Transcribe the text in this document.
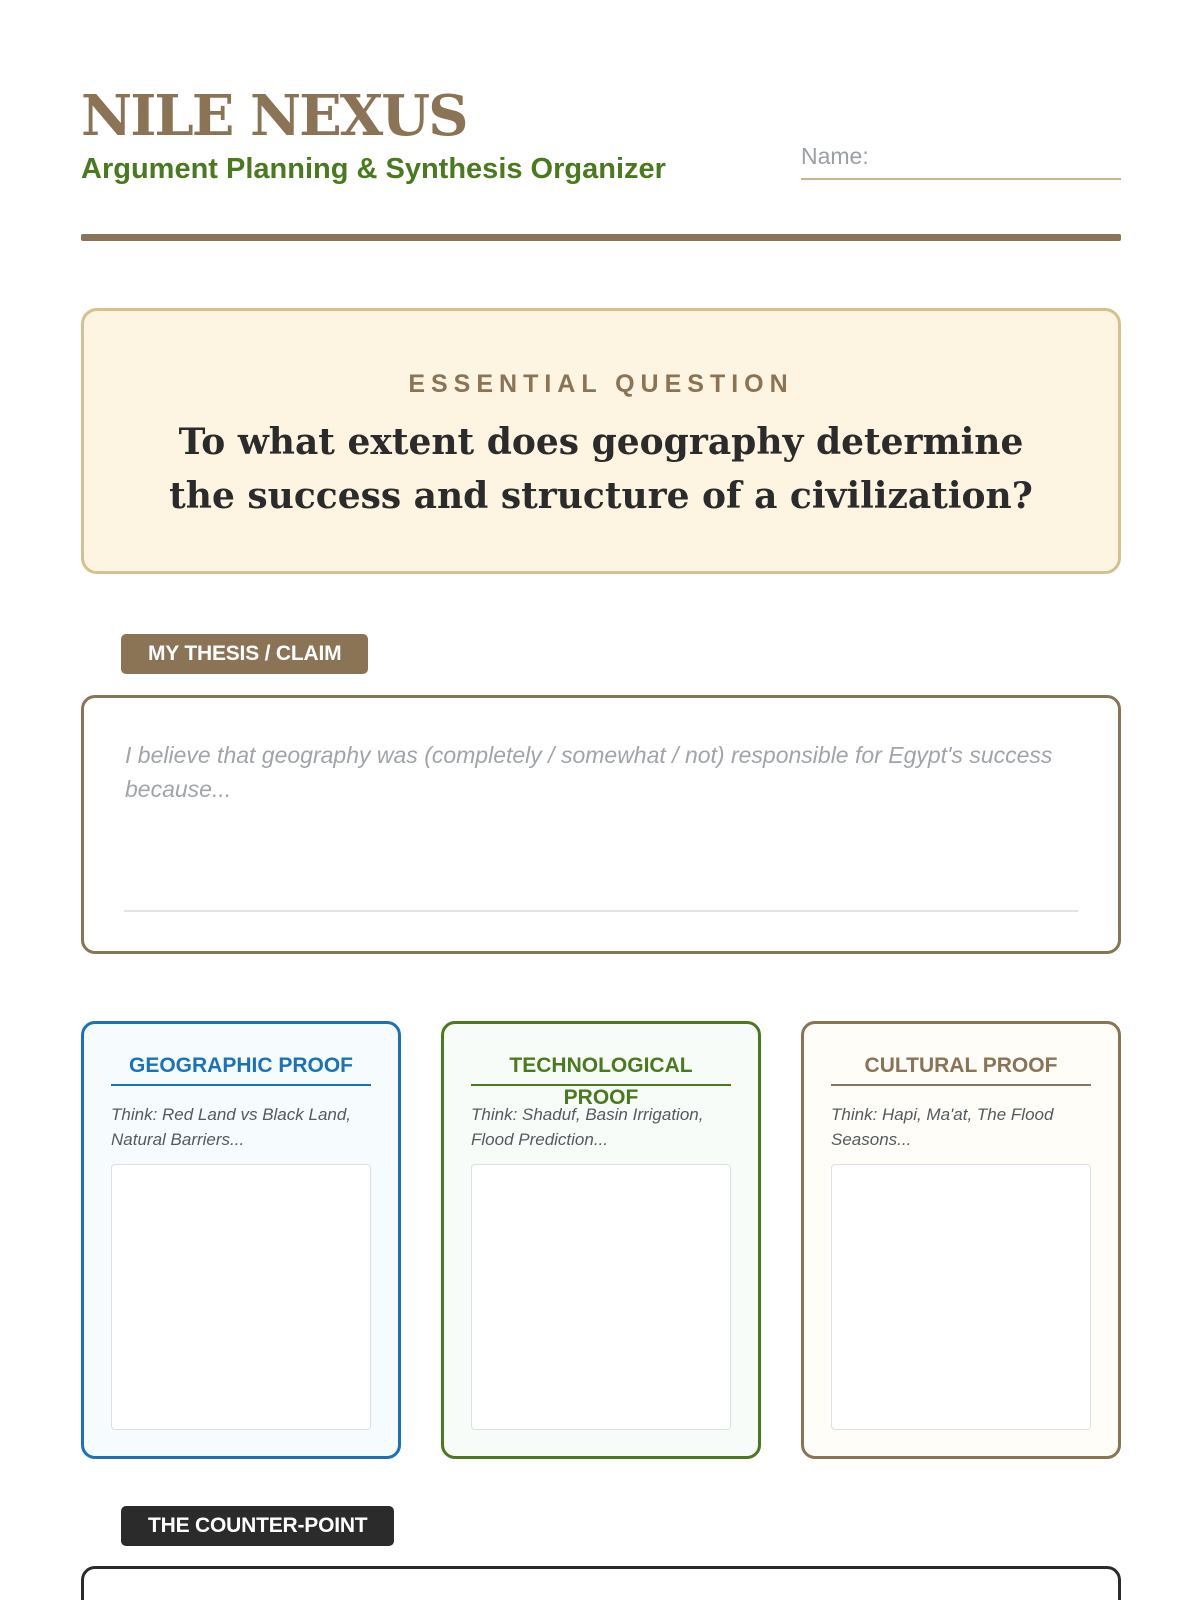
NILE NEXUS
Argument Planning & Synthesis Organizer	Name:
ESSENTIAL QUESTION
To what extent does geography determine the success and structure of a civilization?
MY THESIS / CLAIM
I believe that geography was (completely / somewhat / not) responsible for Egypt's success because...
GEOGRAPHIC PROOF
Think: Red Land vs Black Land, Natural Barriers...
TECHNOLOGICAL PROOF
Think: Shaduf, Basin Irrigation, Flood Prediction...
CULTURAL PROOF
Think: Hapi, Ma'at, The Flood Seasons...
THE COUNTER-POINT
